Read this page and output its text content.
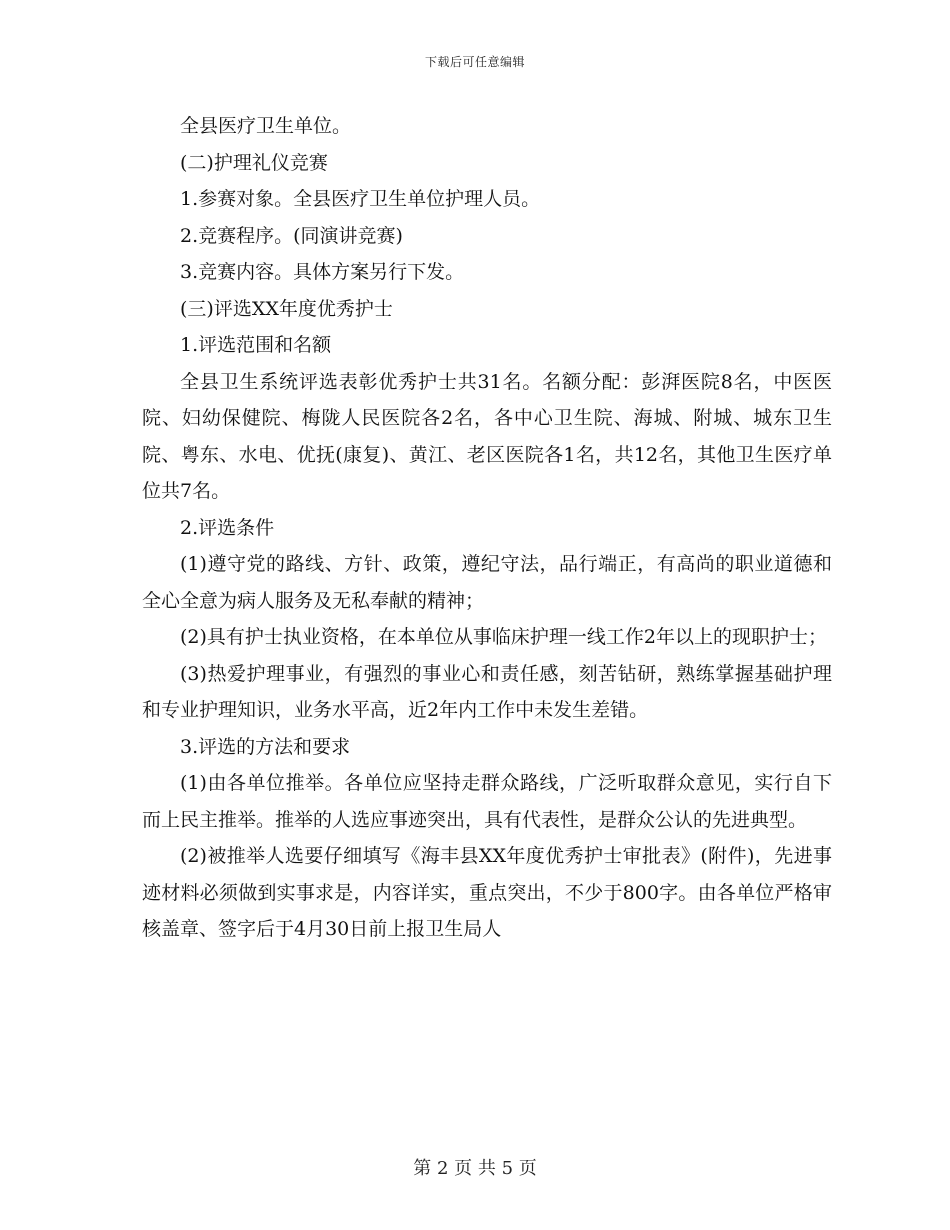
下载后可任意编辑

全县医疗卫生单位。

(二)护理礼仪竞赛

1.参赛对象。全县医疗卫生单位护理人员。

2.竞赛程序。(同演讲竞赛)

3.竞赛内容。具体方案另行下发。

(三)评选XX年度优秀护士

1.评选范围和名额

全县卫生系统评选表彰优秀护士共31名。名额分配：彭湃医院8名，中医医院、妇幼保健院、梅陇人民医院各2名，各中心卫生院、海城、附城、城东卫生院、粤东、水电、优抚(康复)、黄江、老区医院各1名，共12名，其他卫生医疗单位共7名。

2.评选条件

(1)遵守党的路线、方针、政策，遵纪守法，品行端正，有高尚的职业道德和全心全意为病人服务及无私奉献的精神；

(2)具有护士执业资格，在本单位从事临床护理一线工作2年以上的现职护士；

(3)热爱护理事业，有强烈的事业心和责任感，刻苦钻研，熟练掌握基础护理和专业护理知识，业务水平高，近2年内工作中未发生差错。

3.评选的方法和要求

(1)由各单位推举。各单位应坚持走群众路线，广泛听取群众意见，实行自下而上民主推举。推举的人选应事迹突出，具有代表性，是群众公认的先进典型。

(2)被推举人选要仔细填写《海丰县XX年度优秀护士审批表》(附件)，先进事迹材料必须做到实事求是，内容详实，重点突出，不少于800字。由各单位严格审核盖章、签字后于4月30日前上报卫生局人

第 2 页 共 5 页
